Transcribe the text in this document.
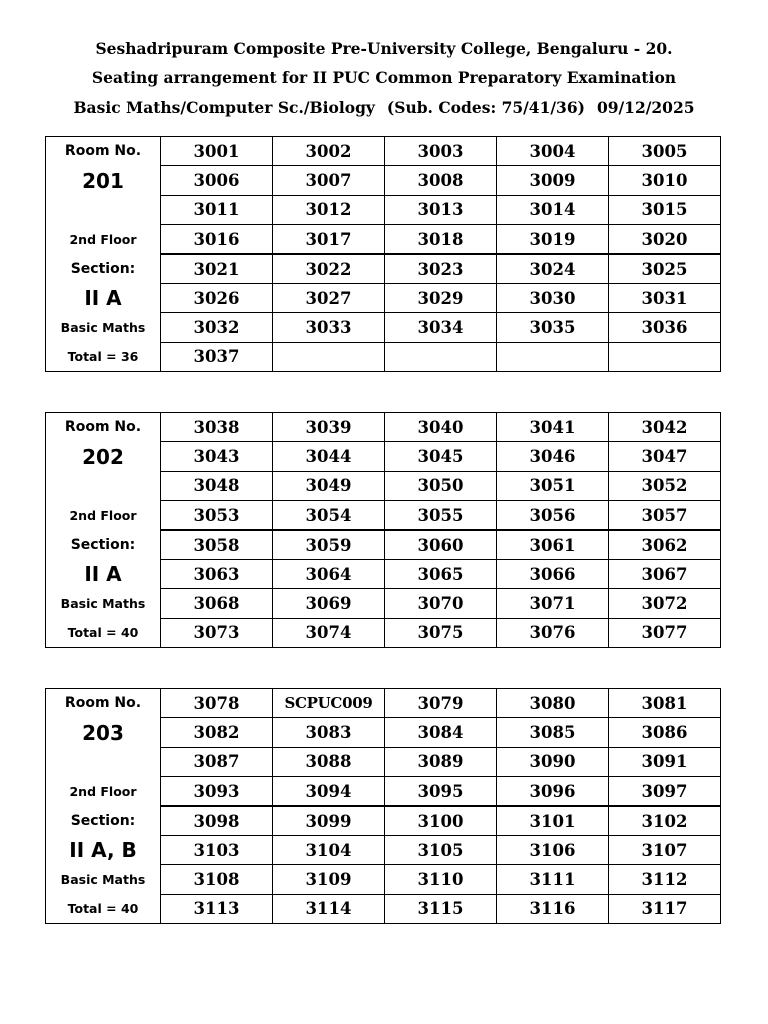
Seshadripuram Composite Pre-University College, Bengaluru - 20.
Seating arrangement for II PUC Common Preparatory Examination
Basic Maths/Computer Sc./Biology (Sub. Codes: 75/41/36) 09/12/2025
Room No.	3001	3002	3003	3004	3005
201	3006	3007	3008	3009	3010
	3011	3012	3013	3014	3015
2nd Floor	3016	3017	3018	3019	3020
Section:	3021	3022	3023	3024	3025
II A	3026	3027	3029	3030	3031
Basic Maths	3032	3033	3034	3035	3036
Total = 36	3037				
Room No.	3038	3039	3040	3041	3042
202	3043	3044	3045	3046	3047
	3048	3049	3050	3051	3052
2nd Floor	3053	3054	3055	3056	3057
Section:	3058	3059	3060	3061	3062
II A	3063	3064	3065	3066	3067
Basic Maths	3068	3069	3070	3071	3072
Total = 40	3073	3074	3075	3076	3077
Room No.	3078	SCPUC009	3079	3080	3081
203	3082	3083	3084	3085	3086
	3087	3088	3089	3090	3091
2nd Floor	3093	3094	3095	3096	3097
Section:	3098	3099	3100	3101	3102
II A, B	3103	3104	3105	3106	3107
Basic Maths	3108	3109	3110	3111	3112
Total = 40	3113	3114	3115	3116	3117
